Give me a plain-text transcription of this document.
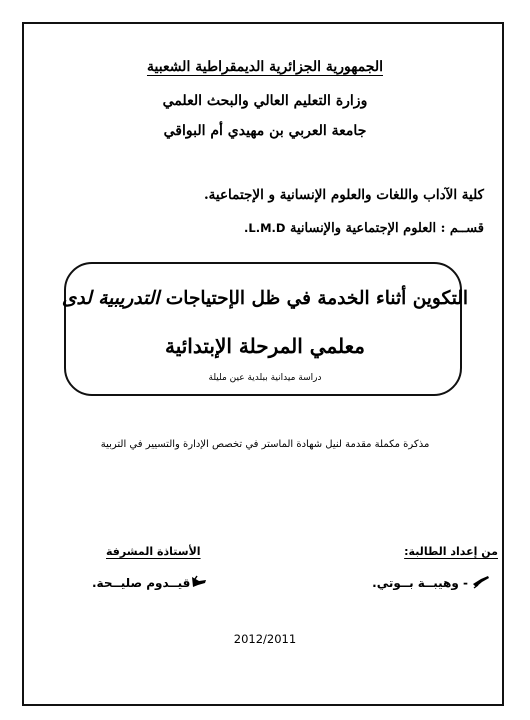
الجمهورية الجزائرية الديمقراطية الشعبية
وزارة التعليم العالي والبحث العلمي
جامعة العربي بن مهيدي أم البواقي
كلية الآداب واللغات والعلوم الإنسانية و الإجتماعية.
قســم : العلوم الإجتماعية والإنسانية L.M.D.
التكوين أثناء الخدمة في ظل الإحتياجات التدريبية لدى
معلمي المرحلة الإبتدائية
دراسة ميدانية ببلدية عين مليلة
مذكرة مكملة مقدمة لنيل شهادة الماستر في تخصص الإدارة والتسيير في التربية
من إعداد الطالبة:
الأستاذة المشرفة
- وهيبــة بــوتي.
قيــدوم صليــحة.
2012/2011
